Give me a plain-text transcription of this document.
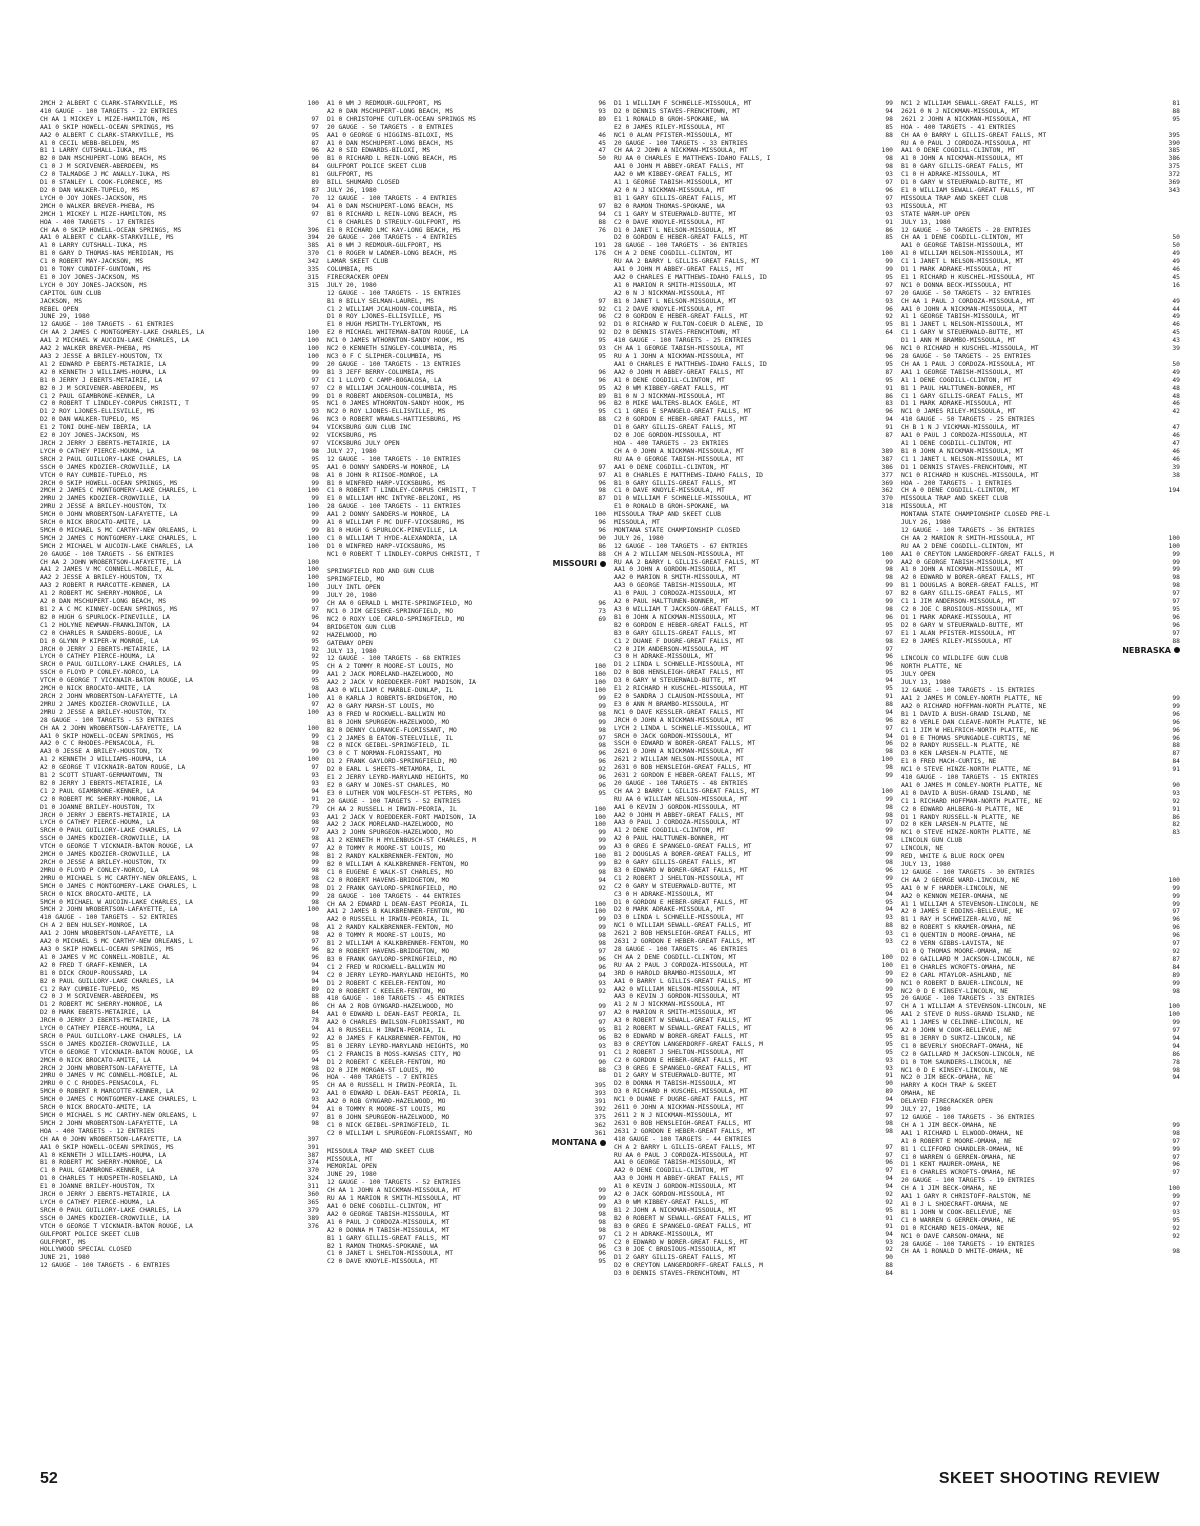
2MCH 2 ALBERT C CLARK-STARKVILLE, MS	100
410 GAUGE - 100 TARGETS - 22 ENTRIES
CH AA 1 MICKEY L MIZE-HAMILTON, MS	97
AA1 0 SKIP HOWELL-OCEAN SPRINGS, MS	97
AA2 0 ALBERT C CLARK-STARKVILLE, MS	95
A1 0 CECIL WEBB-BELDEN, MS	87
B1 1 LARRY CUTSHALL-IUKA, MS	96
B2 0 DAN MSCHUPERT-LONG BEACH, MS	90
C1 0 J M SCRIVENER-ABERDEEN, MS	84
C2 0 TALMADGE J MC ANALLY-IUKA, MS	81
D1 0 STANLEY L COOK-FLORENCE, MS	89
D2 0 DAN WALKER-TUPELO, MS	87
LYCH 0 JOY JONES-JACKSON, MS	70
2MCH 0 WALKER BREVER-PHEBA, MS	94
2MCH 1 MICKEY L MIZE-HAMILTON, MS	97
HOA - 400 TARGETS - 17 ENTRIES
CH AA 0 SKIP HOWELL-OCEAN SPRINGS, MS	396
AA1 0 ALBERT C CLARK-STARKVILLE, MS	394
A1 0 LARRY CUTSHALL-IUKA, MS	385
B1 0 GARY D THOMAS-NAS MERIDIAN, MS	370
C1 0 ROBERT MAY-JACKSON, MS	342
D1 0 TONY CUNDIFF-GUNTOWN, MS	335
E1 0 JOY JONES-JACKSON, MS	315
LYCH 0 JOY JONES-JACKSON, MS	315
CAPITOL GUN CLUB
JACKSON, MS
REBEL OPEN
JUNE 29, 1980
12 GAUGE - 100 TARGETS - 61 ENTRIES
CH AA 2 JAMES C MONTGOMERY-LAKE CHARLES, LA	100
AA1 2 MICHAEL W AUCOIN-LAKE CHARLES, LA	100
AA2 2 WALKER BREVER-PHEBA, MS	100
AA3 2 JESSE A BRILEY-HOUSTON, TX	100
A1 2 EDWARD P EBERTS-METAIRIE, LA	99
A2 0 KENNETH J WILLIAMS-HOUMA, LA	99
B1 0 JERRY J EBERTS-METAIRIE, LA	97
B2 0 J M SCRIVENER-ABERDEEN, MS	97
C1 2 PAUL GIAMBRONE-KENNER, LA	99
C2 0 ROBERT T LINDLEY-CORPUS CHRISTI, T	95
D1 2 ROY LJONES-ELLISVILLE, MS	93
D2 0 DAN WALKER-TUPELO, MS	96
E1 2 TONI DUHE-NEW IBERIA, LA	94
E2 0 JOY JONES-JACKSON, MS	92
JRCH 2 JERRY J EBERTS-METAIRIE, LA	97
LYCH 0 CATHEY PIERCE-HOUMA, LA	98
SRCH 2 PAUL GUILLORY-LAKE CHARLES, LA	95
SSCH 0 JAMES KDOZIER-CROWVILLE, LA	95
VTCH 0 RAY CUMBIE-TUPELO, MS	98
2RCH 0 SKIP HOWELL-OCEAN SPRINGS, MS	99
2MCH 2 JAMES C MONTGOMERY-LAKE CHARLES, L	100
2MRU 2 JAMES KDOZIER-CROWVILLE, LA	99
2MRU 2 JESSE A BRILEY-HOUSTON, TX	100
5MCH 0 JOHN WROBERTSON-LAFAYETTE, LA	99
5RCH 0 NICK BROCATO-AMITE, LA	99
5MCH 0 MICHAEL S MC CARTHY-NEW ORLEANS, L	99
5MCH 2 JAMES C MONTGOMERY-LAKE CHARLES, L	100
5MCH 2 MICHAEL W AUCOIN-LAKE CHARLES, LA	100
20 GAUGE - 100 TARGETS - 56 ENTRIES
CH AA 2 JOHN WROBERTSON-LAFAYETTE, LA	100
AA1 2 JAMES V MC CONNELL-MOBILE, AL	100
AA2 2 JESSE A BRILEY-HOUSTON, TX	100
AA3 2 ROBERT R MARCOTTE-KENNER, LA	100
A1 2 ROBERT MC SHERRY-MONROE, LA	99
A2 0 DAN MSCHUPERT-LONG BEACH, MS	99
B1 2 A C MC KINNEY-OCEAN SPRINGS, MS	97
B2 0 HUGH G SPURLOCK-PINEVILLE, LA	96
C1 2 HOLYNE NEWMAN-FRANKLINTON, LA	94
C2 0 CHARLES R SANDERS-BOGUE, LA	92
D1 0 GLYNN P KIPER-W MONROE, LA	95
JRCH 0 JERRY J EBERTS-METAIRIE, LA	92
LYCH 0 CATHEY PIERCE-HOUMA, LA	92
SRCH 0 PAUL GUILLORY-LAKE CHARLES, LA	95
SSCH 0 FLOYD P CONLEY-NORCO, LA	99
VTCH 0 GEORGE T VICKNAIR-BATON ROUGE, LA	95
2MCH 0 NICK BROCATO-AMITE, LA	98
2RCH 2 JOHN WROBERTSON-LAFAYETTE, LA	100
2MRU 2 JAMES KDOZIER-CROWVILLE, LA	97
2MRU 2 JESSE A BRILEY-HOUSTON, TX	100
28 GAUGE - 100 TARGETS - 53 ENTRIES
CH AA 2 JOHN WROBERTSON-LAFAYETTE, LA	100
AA1 0 SKIP HOWELL-OCEAN SPRINGS, MS	99
AA2 0 C C RHODES-PENSACOLA, FL	98
AA3 0 JESSE A BRILEY-HOUSTON, TX	99
A1 2 KENNETH J WILLIAMS-HOUMA, LA	100
A2 0 GEORGE T VICKNAIR-BATON ROUGE, LA	97
B1 2 SCOTT STUART-GERMANTOWN, TN	93
B2 0 JERRY J EBERTS-METAIRIE, LA	93
C1 2 PAUL GIAMBRONE-KENNER, LA	94
C2 0 ROBERT MC SHERRY-MONROE, LA	91
D1 0 JOANNE BRILEY-HOUSTON, TX	79
JRCH 0 JERRY J EBERTS-METAIRIE, LA	93
LYCH 0 CATHEY PIERCE-HOUMA, LA	98
SRCH 0 PAUL GUILLORY-LAKE CHARLES, LA	97
SSCH 0 JAMES KDOZIER-CROWVILLE, LA	98
VTCH 0 GEORGE T VICKNAIR-BATON ROUGE, LA	97
2MCH 0 JAMES KDOZIER-CROWVILLE, LA	98
2RCH 0 JESSE A BRILEY-HOUSTON, TX	99
2MRU 0 FLOYD P CONLEY-NORCO, LA	98
2MRU 0 MICHAEL S MC CARTHY-NEW ORLEANS, L	98
5MCH 0 JAMES C MONTGOMERY-LAKE CHARLES, L	98
5RCH 0 NICK BROCATO-AMITE, LA	99
5MCH 0 MICHAEL W AUCOIN-LAKE CHARLES, LA	98
5MCH 2 JOHN WROBERTSON-LAFAYETTE, LA	100
410 GAUGE - 100 TARGETS - 52 ENTRIES
CH A 2 BEN HULSEY-MONROE, LA	98
AA1 2 JOHN WROBERTSON-LAFAYETTE, LA	98
AA2 0 MICHAEL S MC CARTHY-NEW ORLEANS, L	97
AA3 0 SKIP HOWELL-OCEAN SPRINGS, MS	96
A1 0 JAMES V MC CONNELL-MOBILE, AL	96
A2 0 FRED T GRAFF-KENNER, LA	94
B1 0 DICK CROUP-ROUSSARD, LA	94
B2 0 PAUL GUILLORY-LAKE CHARLES, LA	94
C1 2 RAY CUMBIE-TUPELO, MS	89
C2 0 J M SCRIVENER-ABERDEEN, MS	88
D1 2 ROBERT MC SHERRY-MONROE, LA	86
D2 0 MARK EBERTS-METAIRIE, LA	84
JRCH 0 JERRY J EBERTS-METAIRIE, LA	78
LYCH 0 CATHEY PIERCE-HOUMA, LA	94
SRCH 0 PAUL GUILLORY-LAKE CHARLES, LA	92
SSCH 0 JAMES KDOZIER-CROWVILLE, LA	95
VTCH 0 GEORGE T VICKNAIR-BATON ROUGE, LA	95
2MCH 0 NICK BROCATO-AMITE, LA	94
2RCH 2 JOHN WROBERTSON-LAFAYETTE, LA	98
2MRU 0 JAMES V MC CONNELL-MOBILE, AL	96
2MRU 0 C C RHODES-PENSACOLA, FL	95
5MCH 0 ROBERT R MARCOTTE-KENNER, LA	92
5MCH 0 JAMES C MONTGOMERY-LAKE CHARLES, L	93
5RCH 0 NICK BROCATO-AMITE, LA	94
5MCH 0 MICHAEL S MC CARTHY-NEW ORLEANS, L	97
5MCH 2 JOHN WROBERTSON-LAFAYETTE, LA	98
HOA - 400 TARGETS - 12 ENTRIES
CH AA 0 JOHN WROBERTSON-LAFAYETTE, LA	397
AA1 0 SKIP HOWELL-OCEAN SPRINGS, MS	391
A1 0 KENNETH J WILLIAMS-HOUMA, LA	387
B1 0 ROBERT MC SHERRY-MONROE, LA	374
C1 0 PAUL GIAMBRONE-KENNER, LA	370
D1 0 CHARLES T HUDSPETH-ROSELAND, LA	324
E1 0 JOANNE BRILEY-HOUSTON, TX	311
JRCH 0 JERRY J EBERTS-METAIRIE, LA	360
LYCH 0 CATHEY PIERCE-HOUMA, LA	365
SRCH 0 PAUL GUILLORY-LAKE CHARLES, LA	379
SSCH 0 JAMES KDOZIER-CROWVILLE, LA	389
VTCH 0 GEORGE T VICKNAIR-BATON ROUGE, LA	376
GULFPORT POLICE SKEET CLUB
GULFPORT, MS
HOLLYWOOD SPECIAL CLOSED
JUNE 21, 1980
12 GAUGE - 100 TARGETS - 6 ENTRIES
A1 0 WM J REDMOUR-GULFPORT, MS	96
A2 0 DAN MSCHUPERT-LONG BEACH, MS	93
D1 0 CHRISTOPHE CUTLER-OCEAN SPRINGS MS	89
20 GAUGE - 50 TARGETS - 8 ENTRIES
AA1 0 GEORGE G HIGGINS-BILOXI, MS	46
A1 0 DAN MSCHUPERT-LONG BEACH, MS	45
A2 0 SID EDWARDS-BILOXI, MS	47
B1 0 RICHARD L REIN-LONG BEACH, MS	50
GULFPORT POLICE SKEET CLUB
GULFPORT, MS
BILL SHUMARD CLOSED
JULY 26, 1980
12 GAUGE - 100 TARGETS - 4 ENTRIES
A1 0 DAN MSCHUPERT-LONG BEACH, MS	97
B1 0 RICHARD L REIN-LONG BEACH, MS	94
C1 0 CHARLES D STREULY-GULFPORT, MS	88
E1 0 RICHARD LMC KAY-LONG BEACH, MS	76
20 GAUGE - 200 TARGETS - 4 ENTRIES
A1 0 WM J REDMOUR-GULFPORT, MS	191
C1 0 ROGER W LADNER-LONG BEACH, MS	176
LAMAR SKEET CLUB
COLUMBIA, MS
FIRECRACKER OPEN
JULY 20, 1980
12 GAUGE - 100 TARGETS - 15 ENTRIES
B1 0 BILLY SELMAN-LAUREL, MS	97
C1 2 WILLIAM JCALHOUN-COLUMBIA, MS	92
D1 0 ROY LJONES-ELLISVILLE, MS	96
E1 0 HUGH MSMITH-TYLERTOWN, MS	92
E2 0 MICHAEL WHITEMAN-BATON ROUGE, LA	92
NC1 0 JAMES WTHORNTON-SANDY HOOK, MS	95
NC2 0 KENNETH SINGLEY-COLUMBIA, MS	93
NC3 0 F C SLIPHER-COLUMBIA, MS	95
20 GAUGE - 100 TARGETS - 13 ENTRIES
B1 3 JEFF BERRY-COLUMBIA, MS	96
C1 1 LLOYD C CAMP-BOGALOSA, LA	96
C2 0 WILLIAM JCALHOUN-COLUMBIA, MS	95
D1 0 ROBERT ANDERSON-COLUMBIA, MS	89
NC1 0 JAMES WTHORNTON-SANDY HOOK, MS	96
NC2 0 ROY LJONES-ELLISVILLE, MS	95
NC3 0 ROBERT WRAWLS-HATTIESBURG, MS	88
VICKSBURG GUN CLUB INC
VICKSBURG, MS
VICKSBURG JULY OPEN
JULY 27, 1980
12 GAUGE - 100 TARGETS - 10 ENTRIES
AA1 0 DONNY SANDERS-W MONROE, LA	97
A1 0 JOHN R RIISOE-MONROE, LA	97
B1 0 WINFRED HARP-VICKSBURG, MS	96
C1 0 ROBERT T LINDLEY-CORPUS CHRISTI, T	98
E1 0 WILLIAM HMC INTYRE-BELZONI, MS	87
28 GAUGE - 100 TARGETS - 11 ENTRIES
AA1 2 DONNY SANDERS-W MONROE, LA	100
A1 0 WILLIAM F MC DUFF-VICKSBURG, MS	96
B1 0 HUGH G SPURLOCK-PINEVILLE, LA	96
C1 0 WILLIAM T HYDE-ALEXANDRIA, LA	90
D1 0 WINFRED HARP-VICKSBURG, MS	86
NC1 0 ROBERT T LINDLEY-CORPUS CHRISTI, T	88
MISSOURI
SPRINGFIELD ROD AND GUN CLUB
SPRINGFIELD, MO
JULY INTL OPEN
JULY 20, 1980
CH AA 0 GERALD L WHITE-SPRINGFIELD, MO	96
NC1 0 JIM GEISEKE-SPRINGFIELD, MO	73
NC2 0 ROXY LOE CARLO-SPRINGFIELD, MO	69
BRIDGETON GUN CLUB
HAZELWOOD, MO
GATEWAY OPEN
JULY 13, 1980
12 GAUGE - 100 TARGETS - 68 ENTRIES
CH A 2 TOMMY R MOORE-ST LOUIS, MO	100
AA1 2 JACK MORELAND-HAZELWOOD, MO	100
AA2 2 JACK V ROEDDEKER-FORT MADISON, IA	100
AA3 0 WILLIAM C MARBLE-DUNLAP, IL	100
A1 0 KARLA J ROBERTS-BRIDGETON, MO	99
A2 0 GARY MARSH-ST LOUIS, MO	99
A3 0 FRED W ROCKWELL-BALLWIN MO	98
B1 0 JOHN SPURGEON-HAZELWOOD, MO	99
B2 0 DENNY CLORANCE-FLORISSANT, MO	98
C1 2 JAMES B EATON-STEELVILLE, IL	97
C2 0 NICK GEIBEL-SPRINGFIELD, IL	98
C3 0 C T NORMAN-FLORISSANT, MO	96
D1 2 FRANK GAYLORD-SPRINGFIELD, MO	96
D2 0 EARL L SHEETS-METAMORA, IL	92
E1 2 JERRY LEYRD-MARYLAND HEIGHTS, MO	96
E2 0 GARY W JONES-ST CHARLES, MO	96
E3 0 LUTHER VON WOLFESCH-ST PETERS, MO	95
20 GAUGE - 100 TARGETS - 52 ENTRIES
CH AA 2 RUSSELL H IRWIN-PEORIA, IL	100
AA1 2 JACK V ROEDDEKER-FORT MADISON, IA	100
AA2 2 JACK MORELAND-HAZELWOOD, MO	100
AA3 2 JOHN SPURGEON-HAZELWOOD, MO	99
A1 2 KENNETH H MYLENBUSCH-ST CHARLES, M	99
A2 0 TOMMY R MOORE-ST LOUIS, MO	99
B1 2 RANDY KALKBRENNER-FENTON, MO	100
B2 0 WILLIAM A KALKBRENNER-FENTON, MO	99
C1 0 EUGENE E WALK-ST CHARLES, MO	98
C2 0 ROBERT HAVENS-BRIDGETON, MO	94
D1 2 FRANK GAYLORD-SPRINGFIELD, MO	92
28 GAUGE - 100 TARGETS - 44 ENTRIES
CH AA 2 EDWARD L DEAN-EAST PEORIA, IL	100
AA1 2 JAMES B KALKBRENNER-FENTON, MO	100
AA2 0 RUSSELL H IRWIN-PEORIA, IL	99
A1 2 RANDY KALKBRENNER-FENTON, MO	99
A2 0 TOMMY R MOORE-ST LOUIS, MO	98
B1 2 WILLIAM A KALKBRENNER-FENTON, MO	98
B2 0 ROBERT HAVENS-BRIDGETON, MO	97
B3 0 FRANK GAYLORD-SPRINGFIELD, MO	96
C1 2 FRED W ROCKWELL-BALLWIN MO	96
C2 0 JERRY LEYRD-MARYLAND HEIGHTS, MO	94
D1 2 ROBERT C KEELER-FENTON, MO	93
D2 0 ROBERT C KEELER-FENTON, MO	92
410 GAUGE - 100 TARGETS - 45 ENTRIES
CH AA 2 ROB GYNGARD-HAZELWOOD, MO	99
AA1 0 EDWARD L DEAN-EAST PEORIA, IL	97
AA2 0 CHARLES BWILSON-FLORISSANT, MO	97
A1 0 RUSSELL H IRWIN-PEORIA, IL	95
A2 0 JAMES F KALKBRENNER-FENTON, MO	96
B1 0 JERRY LEYRD-MARYLAND HEIGHTS, MO	93
C1 2 FRANCIS B MOSS-KANSAS CITY, MO	91
D1 2 ROBERT C KEELER-FENTON, MO	90
D2 0 JIM MORGAN-ST LOUIS, MO	88
HOA - 400 TARGETS - 7 ENTRIES
CH AA 0 RUSSELL H IRWIN-PEORIA, IL	395
AA1 0 EDWARD L DEAN-EAST PEORIA, IL	393
AA2 0 ROB GYNGARD-HAZELWOOD, MO	391
A1 0 TOMMY R MOORE-ST LOUIS, MO	392
B1 0 JOHN SPURGEON-HAZELWOOD, MO	375
C1 0 NICK GEIBEL-SPRINGFIELD, IL	362
C2 0 WILLIAM L SPURGEON-FLORISSANT, MO	361
MONTANA
MISSOULA TRAP AND SKEET CLUB
MISSOULA, MT
MEMORIAL OPEN
JUNE 29, 1980
12 GAUGE - 100 TARGETS - 52 ENTRIES
CH AA 1 JOHN A NICKMAN-MISSOULA, MT	99
RU AA 1 MARION R SMITH-MISSOULA, MT	99
AA1 0 DENE COGDILL-CLINTON, MT	99
AA2 0 GEORGE TABISH-MISSOULA, MT	98
A1 0 PAUL J CORDOZA-MISSOULA, MT	98
A2 0 DONNA M TABISH-MISSOULA, MT	98
B1 1 GARY GILLIS-GREAT FALLS, MT	97
B2 1 RAMON THOMAS-SPOKANE, WA	96
C1 0 JANET L SHELTON-MISSOULA, MT	96
C2 0 DAVE KNOYLE-MISSOULA, MT	95
D1 1 WILLIAM F SCHNELLE-MISSOULA, MT	99
D2 0 DENNIS STAVES-FRENCHTOWN, MT	94
E1 1 RONALD B GROH-SPOKANE, WA	98
E2 0 JAMES RILEY-MISSOULA, MT	85
NC1 0 ALAN PFISTER-MISSOULA, MT	88
20 GAUGE - 100 TARGETS - 33 ENTRIES
CH AA 2 JOHN A NICKMAN-MISSOULA, MT	100
RU AA 0 CHARLES E MATTHEWS-IDAHO FALLS, I	98
AA1 0 JOHN M ABBEY-GREAT FALLS, MT	98
AA2 0 WM KIBBEY-GREAT FALLS, MT	93
A1 1 GEORGE TABISH-MISSOULA, MT	97
A2 0 N J NICKMAN-MISSOULA, MT	96
B1 1 GARY GILLIS-GREAT FALLS, MT	97
B2 0 RAMON THOMAS-SPOKANE, WA	93
C1 1 GARY W STEUERWALD-BUTTE, MT	93
C2 0 DAVE KNOYLE-MISSOULA, MT	91
D1 0 JANET L NELSON-MISSOULA, MT	86
D2 0 GORDON E HEBER-GREAT FALLS, MT	85
28 GAUGE - 100 TARGETS - 36 ENTRIES
CH A 2 DENE COGDILL-CLINTON, MT	100
RU AA 2 BARRY L GILLIS-GREAT FALLS, MT	99
AA1 0 JOHN M ABBEY-GREAT FALLS, MT	99
AA2 0 CHARLES E MATTHEWS-IDAHO FALLS, ID	95
A1 0 MARION R SMITH-MISSOULA, MT	97
A2 0 N J NICKMAN-MISSOULA, MT	97
B1 0 JANET L NELSON-MISSOULA, MT	93
C1 2 DAVE KNOYLE-MISSOULA, MT	96
C2 0 GORDON E HEBER-GREAT FALLS, MT	92
D1 0 RICHARD W FULTON-COEUR D ALENE, ID	95
D2 0 DENNIS STAVES-FRENCHTOWN, MT	64
410 GAUGE - 100 TARGETS - 25 ENTRIES
CH AA 1 GEORGE TABISH-MISSOULA, MT	96
RU A 1 JOHN A NICKMAN-MISSOULA, MT	96
AA1 0 CHARLES E MATTHEWS-IDAHO FALLS, ID	95
AA2 0 JOHN M ABBEY-GREAT FALLS, MT	87
A1 0 DENE COGDILL-CLINTON, MT	95
A2 0 WM KIBBEY-GREAT FALLS, MT	91
B1 0 N J NICKMAN-MISSOULA, MT	86
B2 0 MIKE WALTERS-BLACK EAGLE, MT	83
C1 1 GREG E SPANGELO-GREAT FALLS, MT	96
C2 0 GORDON E HEBER-GREAT FALLS, MT	94
D1 0 GARY GILLIS-GREAT FALLS, MT	91
D2 0 JOE GORDON-MISSOULA, MT	87
HOA - 400 TARGETS - 23 ENTRIES
CH A 0 JOHN A NICKMAN-MISSOULA, MT	389
RU AA 0 GEORGE TABISH-MISSOULA, MT	387
AA1 0 DENE COGDILL-CLINTON, MT	386
A1 0 CHARLES E MATTHEWS-IDAHO FALLS, ID	377
B1 0 GARY GILLIS-GREAT FALLS, MT	369
C1 0 DAVE KNOYLE-MISSOULA, MT	362
D1 0 WILLIAM F SCHNELLE-MISSOULA, MT	370
E1 0 RONALD B GROH-SPOKANE, WA	318
MISSOULA TRAP AND SKEET CLUB
MISSOULA, MT
MONTANA STATE CHAMPIONSHIP CLOSED
JULY 26, 1980
12 GAUGE - 100 TARGETS - 67 ENTRIES
CH A 2 WILLIAM NELSON-MISSOULA, MT	100
RU AA 2 BARRY L GILLIS-GREAT FALLS, MT	99
AA1 0 JOHN A GORDON-MISSOULA, MT	98
AA2 0 MARION R SMITH-MISSOULA, MT	98
AA3 0 GEORGE TABISH-MISSOULA, MT	99
A1 0 PAUL J CORDOZA-MISSOULA, MT	97
A2 0 PAUL HALTTUNEN-BONNER, MT	99
A3 0 WILLIAM T JACKSON-GREAT FALLS, MT	98
B1 0 JOHN A NICKMAN-MISSOULA, MT	96
B2 0 GORDON E HEBER-GREAT FALLS, MT	95
B3 0 GARY GILLIS-GREAT FALLS, MT	97
C1 2 DUANE F DUGRE-GREAT FALLS, MT	98
C2 0 JIM ANDERSON-MISSOULA, MT	97
C3 0 H ADRAKE-MISSOULA, MT	96
D1 2 LINDA L SCHNELLE-MISSOULA, MT	96
D2 0 BOB HENSLEIGH-GREAT FALLS, MT	95
D3 0 GARY W STEUERWALD-BUTTE, MT	94
E1 2 RICHARD H KUSCHEL-MISSOULA, MT	95
E2 0 SANDRA J CLAUSON-MISSOULA, MT	91
E3 0 ANN M BRAMBO-MISSOULA, MT	88
NC1 0 DAVE KESSLER-GREAT FALLS, MT	94
JRCH 0 JOHN A NICKMAN-MISSOULA, MT	96
LYCH 2 LINDA L SCHNELLE-MISSOULA, MT	97
SRCH 0 JACK GORDON-MISSOULA, MT	94
SSCH 0 EDWARD W BORER-GREAT FALLS, MT	96
2621 0 JOHN A NICKMAN-MISSOULA, MT	98
2621 2 WILLIAM NELSON-MISSOULA, MT	100
2631 0 BOB HENSLEIGH-GREAT FALLS, MT	98
2631 2 GORDON E HEBER-GREAT FALLS, MT	99
20 GAUGE - 100 TARGETS - 48 ENTRIES
CH AA 2 BARRY L GILLIS-GREAT FALLS, MT	100
RU AA 0 WILLIAM NELSON-MISSOULA, MT	99
AA1 0 KEVIN J GORDON-MISSOULA, MT	98
AA2 0 JOHN M ABBEY-GREAT FALLS, MT	98
AA3 0 PAUL J CORDOZA-MISSOULA, MT	97
A1 2 DENE COGDILL-CLINTON, MT	99
A2 0 PAUL HALTTUNEN-BONNER, MT	98
A3 0 GREG E SPANGELO-GREAT FALLS, MT	97
B1 2 DOUGLAS A BORER-GREAT FALLS, MT	99
B2 0 GARY GILLIS-GREAT FALLS, MT	98
B3 0 EDWARD W BORER-GREAT FALLS, MT	96
C1 2 ROBERT J SHELTON-MISSOULA, MT	99
C2 0 GARY W STEUERWALD-BUTTE, MT	95
C3 0 H ADRAKE-MISSOULA, MT	94
D1 0 GORDON E HEBER-GREAT FALLS, MT	95
D2 0 MARK ADRAKE-MISSOULA, MT	94
D3 0 LINDA L SCHNELLE-MISSOULA, MT	93
NC1 0 WILLIAM SEWALL-GREAT FALLS, MT	88
2621 2 BOB HENSLEIGH-GREAT FALLS, MT	93
2631 2 GORDON E HEBER-GREAT FALLS, MT	93
28 GAUGE - 100 TARGETS - 46 ENTRIES
CH AA 2 DENE COGDILL-CLINTON, MT	100
RU AA 2 PAUL J CORDOZA-MISSOULA, MT	100
3RD 0 HAROLD BRAMBO-MISSOULA, MT	99
AA1 0 BARRY L GILLIS-GREAT FALLS, MT	99
AA2 0 WILLIAM NELSON-MISSOULA, MT	99
AA3 0 KEVIN J GORDON-MISSOULA, MT	95
A1 2 N J NICKMAN-MISSOULA, MT	97
A2 0 MARION R SMITH-MISSOULA, MT	96
A3 0 ROBERT W SEWALL-GREAT FALLS, MT	95
B1 2 ROBERT W SEWALL-GREAT FALLS, MT	96
B2 0 EDWARD W BORER-GREAT FALLS, MT	95
B3 0 CREYTON LANGERDORFF-GREAT FALLS, M	95
C1 2 ROBERT J SHELTON-MISSOULA, MT	95
C2 0 GORDON E HEBER-GREAT FALLS, MT	93
C3 0 GREG E SPANGELO-GREAT FALLS, MT	93
D1 2 GARY W STEUERWALD-BUTTE, MT	91
D2 0 DONNA M TABISH-MISSOULA, MT	90
D3 0 RICHARD H KUSCHEL-MISSOULA, MT	89
NC1 0 DUANE F DUGRE-GREAT FALLS, MT	94
2611 0 JOHN A NICKMAN-MISSOULA, MT	99
2611 2 N J NICKMAN-MISSOULA, MT	97
2631 0 BOB HENSLEIGH-GREAT FALLS, MT	98
2631 2 GORDON E HEBER-GREAT FALLS, MT	98
410 GAUGE - 100 TARGETS - 44 ENTRIES
CH A 2 BARRY L GILLIS-GREAT FALLS, MT	97
RU AA 0 PAUL J CORDOZA-MISSOULA, MT	97
AA1 0 GEORGE TABISH-MISSOULA, MT	96
AA2 0 DENE COGDILL-CLINTON, MT	97
AA3 0 JOHN M ABBEY-GREAT FALLS, MT	94
A1 0 KEVIN J GORDON-MISSOULA, MT	94
A2 0 JACK GORDON-MISSOULA, MT	92
A3 0 WM KIBBEY-GREAT FALLS, MT	92
B1 2 JOHN A NICKMAN-MISSOULA, MT	95
B2 0 ROBERT W SEWALL-GREAT FALLS, MT	91
B3 0 GREG E SPANGELO-GREAT FALLS, MT	91
C1 2 H ADRAKE-MISSOULA, MT	94
C2 0 EDWARD W BORER-GREAT FALLS, MT	93
C3 0 JOE C BROSIOUS-MISSOULA, MT	92
D1 2 GARY GILLIS-GREAT FALLS, MT	90
D2 0 CREYTON LANGERDORFF-GREAT FALLS, M	88
D3 0 DENNIS STAVES-FRENCHTOWN, MT	84
NC1 2 WILLIAM SEWALL-GREAT FALLS, MT	81
2621 0 N J NICKMAN-MISSOULA, MT	88
2621 2 JOHN A NICKMAN-MISSOULA, MT	95
HOA - 400 TARGETS - 41 ENTRIES
CH AA 0 BARRY L GILLIS-GREAT FALLS, MT	395
RU A 0 PAUL J CORDOZA-MISSOULA, MT	390
AA1 0 DENE COGDILL-CLINTON, MT	385
A1 0 JOHN A NICKMAN-MISSOULA, MT	386
B1 0 GARY GILLIS-GREAT FALLS, MT	375
C1 0 H ADRAKE-MISSOULA, MT	372
D1 0 GARY W STEUERWALD-BUTTE, MT	369
E1 0 WILLIAM SEWALL-GREAT FALLS, MT	343
MISSOULA TRAP AND SKEET CLUB
MISSOULA, MT
STATE WARM-UP OPEN
JULY 13, 1980
12 GAUGE - 50 TARGETS - 28 ENTRIES
CH AA 1 DENE COGDILL-CLINTON, MT	50
AA1 0 GEORGE TABISH-MISSOULA, MT	50
A1 0 WILLIAM NELSON-MISSOULA, MT	49
C1 1 JANET L NELSON-MISSOULA, MT	49
D1 1 MARK ADRAKE-MISSOULA, MT	46
E1 1 RICHARD H KUSCHEL-MISSOULA, MT	45
NC1 0 DONNA BECK-MISSOULA, MT	16
20 GAUGE - 50 TARGETS - 32 ENTRIES
CH AA 1 PAUL J CORDOZA-MISSOULA, MT	49
AA1 0 JOHN A NICKMAN-MISSOULA, MT	44
A1 1 GEORGE TABISH-MISSOULA, MT	49
B1 1 JANET L NELSON-MISSOULA, MT	46
C1 1 GARY W STEUERWALD-BUTTE, MT	45
D1 1 ANN M BRAMBO-MISSOULA, MT	43
NC1 0 RICHARD H KUSCHEL-MISSOULA, MT	39
28 GAUGE - 50 TARGETS - 25 ENTRIES
CH AA 1 PAUL J CORDOZA-MISSOULA, MT	50
AA1 1 GEORGE TABISH-MISSOULA, MT	49
A1 1 DENE COGDILL-CLINTON, MT	49
B1 1 PAUL HALTTUNEN-BONNER, MT	48
C1 1 GARY GILLIS-GREAT FALLS, MT	48
D1 1 MARK ADRAKE-MISSOULA, MT	46
NC1 0 JAMES RILEY-MISSOULA, MT	42
410 GAUGE - 50 TARGETS - 25 ENTRIES
CH B 1 N J VICKMAN-MISSOULA, MT	47
AA1 0 PAUL J CORDOZA-MISSOULA, MT	46
A1 1 DENE COGDILL-CLINTON, MT	47
B1 0 JOHN A NICKMAN-MISSOULA, MT	46
C1 1 JANET L NELSON-MISSOULA, MT	46
D1 1 DENNIS STAVES-FRENCHTOWN, MT	39
NC1 0 RICHARD H KUSCHEL-MISSOULA, MT	38
HOA - 200 TARGETS - 1 ENTRIES
CH A 0 DENE COGDILL-CLINTON, MT	194
MISSOULA TRAP AND SKEET CLUB
MISSOULA, MT
MONTANA STATE CHAMPIONSHIP CLOSED PRE-L
JULY 26, 1980
12 GAUGE - 100 TARGETS - 36 ENTRIES
CH AA 2 MARION R SMITH-MISSOULA, MT	100
RU AA 2 DENE COGDILL-CLINTON, MT	100
AA1 0 CREYTON LANGERDORFF-GREAT FALLS, M	99
AA2 0 GEORGE TABISH-MISSOULA, MT	99
A1 0 JOHN A NICKMAN-MISSOULA, MT	99
A2 0 EDWARD W BORER-GREAT FALLS, MT	98
B1 1 DOUGLAS A BORER-GREAT FALLS, MT	98
B2 0 GARY GILLIS-GREAT FALLS, MT	97
C1 1 JIM ANDERSON-MISSOULA, MT	97
C2 0 JOE C BROSIOUS-MISSOULA, MT	95
D1 1 MARK ADRAKE-MISSOULA, MT	96
D2 0 GARY W STEUERWALD-BUTTE, MT	96
E1 1 ALAN PFISTER-MISSOULA, MT	97
E2 0 JAMES RILEY-MISSOULA, MT	88
NEBRASKA
LINCOLN CO WILDLIFE GUN CLUB
NORTH PLATTE, NE
JULY OPEN
JULY 13, 1980
12 GAUGE - 100 TARGETS - 15 ENTRIES
AA1 2 JAMES M CONLEY-NORTH PLATTE, NE	99
AA2 0 RICHARD HOFFMAN-NORTH PLATTE, NE	99
B1 1 DAVID A BUSH-GRAND ISLAND, NE	96
B2 0 VERLE DAN CLEAVE-NORTH PLATTE, NE	96
C1 1 JIM W HELFRICH-NORTH PLATTE, NE	96
D1 0 E THOMAS SPUNGADLE-CURTIS, NE	96
D2 0 RANDY RUSSELL-N PLATTE, NE	88
D3 0 KEN LARSEN-N PLATTE, NE	87
E1 0 FRED MACH-CURTIS, NE	84
NC1 0 STEVE HINZE-NORTH PLATTE, NE	91
410 GAUGE - 100 TARGETS - 15 ENTRIES
AA1 0 JAMES M CONLEY-NORTH PLATTE, NE	90
A1 0 DAVID A BUSH-GRAND ISLAND, NE	93
C1 1 RICHARD HOFFMAN-NORTH PLATTE, NE	92
C2 0 EDWARD AHLBERG-N PLATTE, NE	91
D1 1 RANDY RUSSELL-N PLATTE, NE	86
D2 0 KEN LARSEN-N PLATTE, NE	82
NC1 0 STEVE HINZE-NORTH PLATTE, NE	83
LINCOLN GUN CLUB
LINCOLN, NE
RED, WHITE & BLUE ROCK OPEN
JULY 13, 1980
12 GAUGE - 100 TARGETS - 30 ENTRIES
CH AA 2 GEORGE WARD-LINCOLN, NE	100
AA1 0 W F HARDER-LINCOLN, NE	99
AA2 0 KENNON MEIER-OMAHA, NE	99
A1 1 WILLIAM A STEVENSON-LINCOLN, NE	99
A2 0 JAMES E EDDINS-BELLEVUE, NE	97
B1 1 RAY H SCHWEIZER-ALVO, NE	96
B2 0 ROBERT S KRAMER-OMAHA, NE	96
C1 0 QUENTIN D MOORE-OMAHA, NE	96
C2 0 VERN GIBBS-LAVISTA, NE	97
D1 0 Q THOMAS MOORE-OMAHA, NE	92
D2 0 GAILLARD M JACKSON-LINCOLN, NE	87
E1 0 CHARLES WCROFTS-OMAHA, NE	84
E2 0 CARL MTAYLOR-ASHLAND, NE	89
NC1 0 ROBERT D BAUER-LINCOLN, NE	99
NC2 0 D E KINSEY-LINCOLN, NE	98
20 GAUGE - 100 TARGETS - 33 ENTRIES
CH A 1 WILLIAM A STEVENSON-LINCOLN, NE	100
AA1 2 STEVE D RUSS-GRAND ISLAND, NE	100
A1 1 JAMES W CELINNE-LINCOLN, NE	99
A2 0 JOHN W COOK-BELLEVUE, NE	97
B1 0 JERRY D SURTZ-LINCOLN, NE	94
C1 0 BEVERLY SHOECRAFT-OMAHA, NE	94
C2 0 GAILLARD M JACKSON-LINCOLN, NE	86
D1 0 TOM SAUNDERS-LINCOLN, NE	78
NC1 0 D E KINSEY-LINCOLN, NE	98
NC2 0 JIM BECK-OMAHA, NE	94
HARRY A KOCH TRAP & SKEET
OMAHA, NE
DELAYED FIRECRACKER OPEN
JULY 27, 1980
12 GAUGE - 100 TARGETS - 36 ENTRIES
CH A 1 JIM BECK-OMAHA, NE	99
AA1 1 RICHARD L ELWOOD-OMAHA, NE	98
A1 0 ROBERT E MOORE-OMAHA, NE	97
B1 1 CLIFFORD CHANDLER-OMAHA, NE	99
C1 0 WARREN G GERREN-OMAHA, NE	97
D1 1 KENT MAURER-OMAHA, NE	96
E1 0 CHARLES WCROFTS-OMAHA, NE	97
20 GAUGE - 100 TARGETS - 19 ENTRIES
CH A 1 JIM BECK-OMAHA, NE	100
AA1 1 GARY R CHRISTOFF-RALSTON, NE	99
A1 0 J L SHOECRAFT-OMAHA, NE	97
B1 1 JOHN W COOK-BELLEVUE, NE	93
C1 0 WARREN G GERREN-OMAHA, NE	95
D1 0 RICHARD NEIS-OMAHA, NE	92
NC1 0 DAVE CARSON-OMAHA, NE	92
28 GAUGE - 100 TARGETS - 19 ENTRIES
CH AA 1 RONALD D WHITE-OMAHA, NE	98
52	SKEET SHOOTING REVIEW
